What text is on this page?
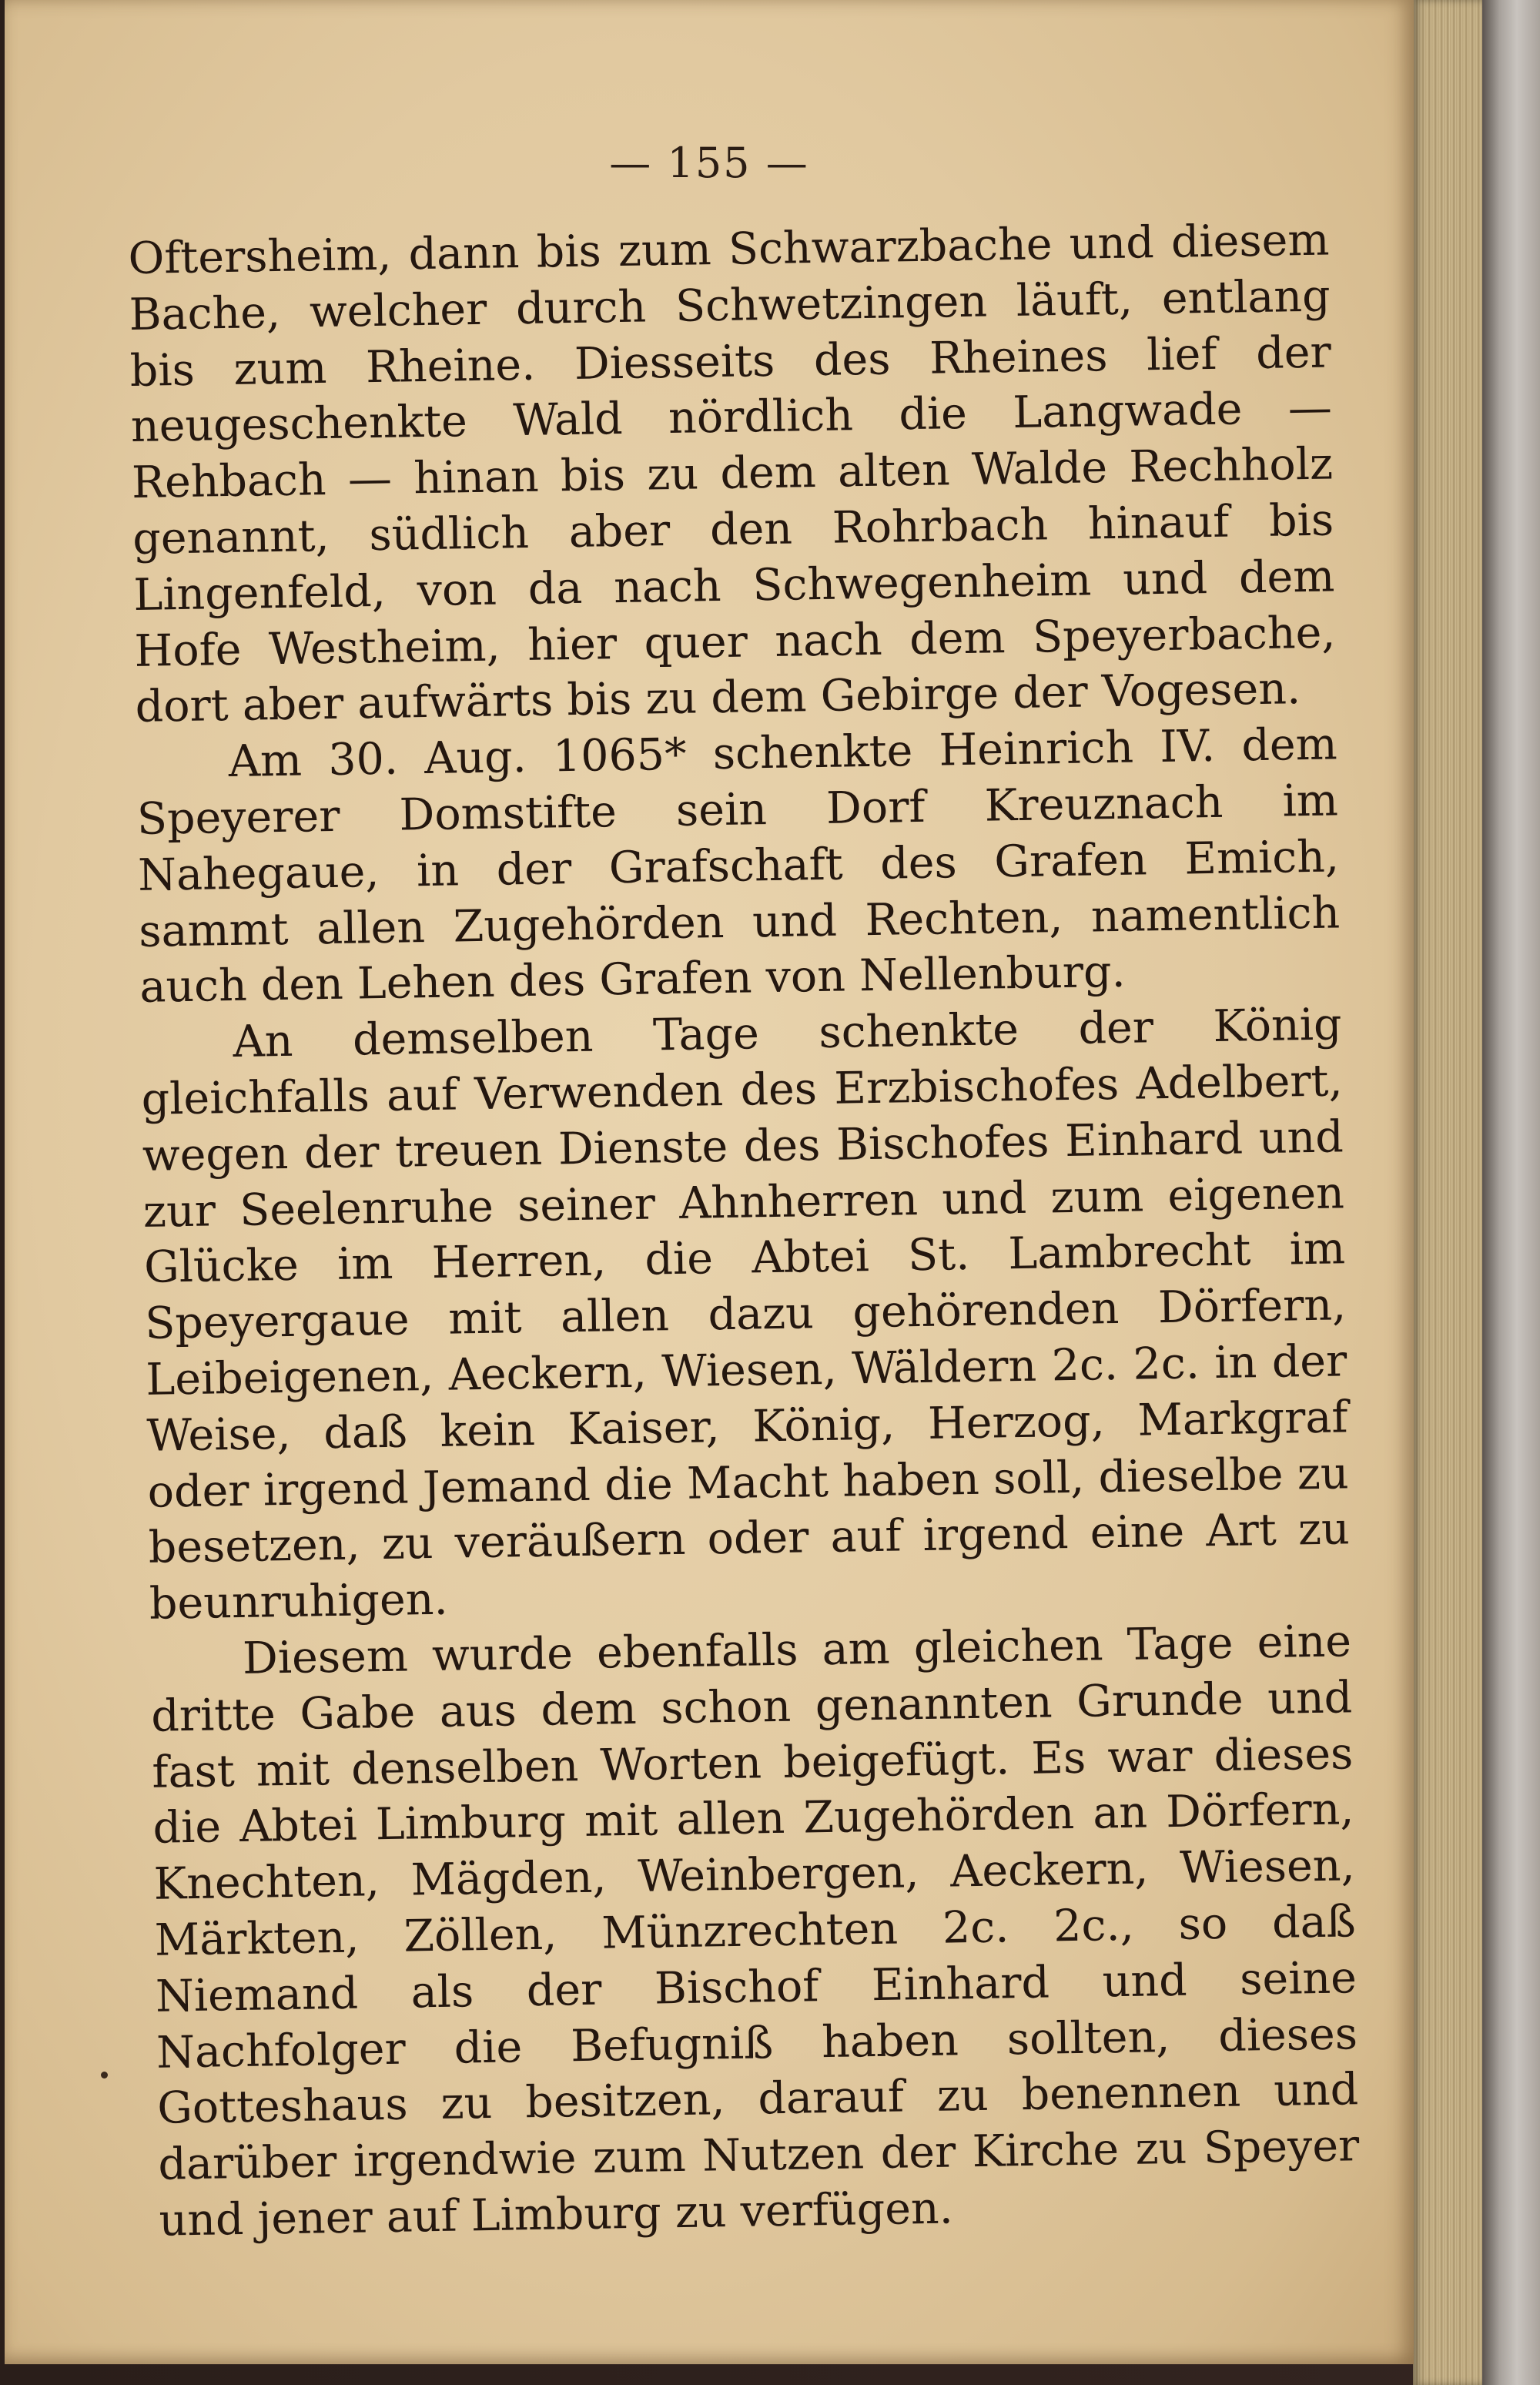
— 155 —

Oftersheim, dann bis zum Schwarzbache und diesem Bache, welcher durch Schwetzingen läuft, entlang bis zum Rheine. Diesseits des Rheines lief der neugeschenkte Wald nördlich die Langwade — Rehbach — hinan bis zu dem alten Walde Rechholz genannt, südlich aber den Rohrbach hinauf bis Lingenfeld, von da nach Schwegenheim und dem Hofe Westheim, hier quer nach dem Speyerbache, dort aber aufwärts bis zu dem Gebirge der Vogesen.

Am 30. Aug. 1065* schenkte Heinrich IV. dem Speyerer Domstifte sein Dorf Kreuznach im Nahegaue, in der Grafschaft des Grafen Emich, sammt allen Zugehörden und Rechten, namentlich auch den Lehen des Grafen von Nellenburg.

An demselben Tage schenkte der König gleichfalls auf Verwenden des Erzbischofes Adelbert, wegen der treuen Dienste des Bischofes Einhard und zur Seelenruhe seiner Ahnherren und zum eigenen Glücke im Herren, die Abtei St. Lambrecht im Speyergaue mit allen dazu gehörenden Dörfern, Leibeigenen, Aeckern, Wiesen, Wäldern 2c. 2c. in der Weise, daß kein Kaiser, König, Herzog, Markgraf oder irgend Jemand die Macht haben soll, dieselbe zu besetzen, zu veräußern oder auf irgend eine Art zu beunruhigen.

Diesem wurde ebenfalls am gleichen Tage eine dritte Gabe aus dem schon genannten Grunde und fast mit denselben Worten beigefügt. Es war dieses die Abtei Limburg mit allen Zugehörden an Dörfern, Knechten, Mägden, Weinbergen, Aeckern, Wiesen, Märkten, Zöllen, Münzrechten 2c. 2c., so daß Niemand als der Bischof Einhard und seine Nachfolger die Befugniß haben sollten, dieses Gotteshaus zu besitzen, darauf zu benennen und darüber irgendwie zum Nutzen der Kirche zu Speyer und jener auf Limburg zu verfügen.
